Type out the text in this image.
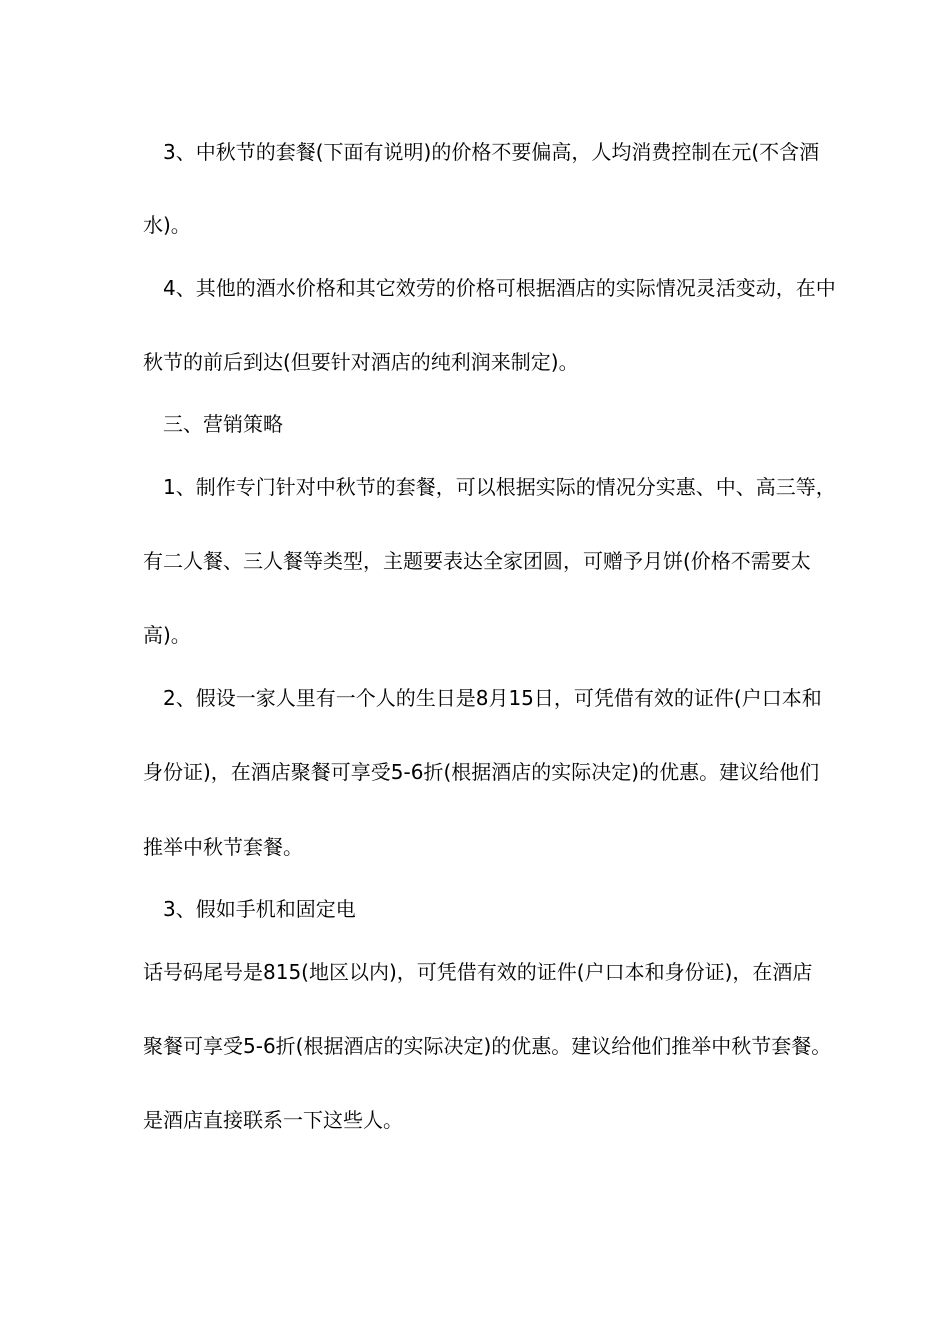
3、中秋节的套餐(下面有说明)的价格不要偏高，人均消费控制在元(不含酒
水)。
4、其他的酒水价格和其它效劳的价格可根据酒店的实际情况灵活变动，在中
秋节的前后到达(但要针对酒店的纯利润来制定)。
三、营销策略
1、制作专门针对中秋节的套餐，可以根据实际的情况分实惠、中、高三等，
有二人餐、三人餐等类型，主题要表达全家团圆，可赠予月饼(价格不需要太
高)。
2、假设一家人里有一个人的生日是8月15日，可凭借有效的证件(户口本和
身份证)，在酒店聚餐可享受5-6折(根据酒店的实际决定)的优惠。建议给他们
推举中秋节套餐。
3、假如手机和固定电
话号码尾号是815(地区以内)，可凭借有效的证件(户口本和身份证)，在酒店
聚餐可享受5-6折(根据酒店的实际决定)的优惠。建议给他们推举中秋节套餐。
是酒店直接联系一下这些人。
